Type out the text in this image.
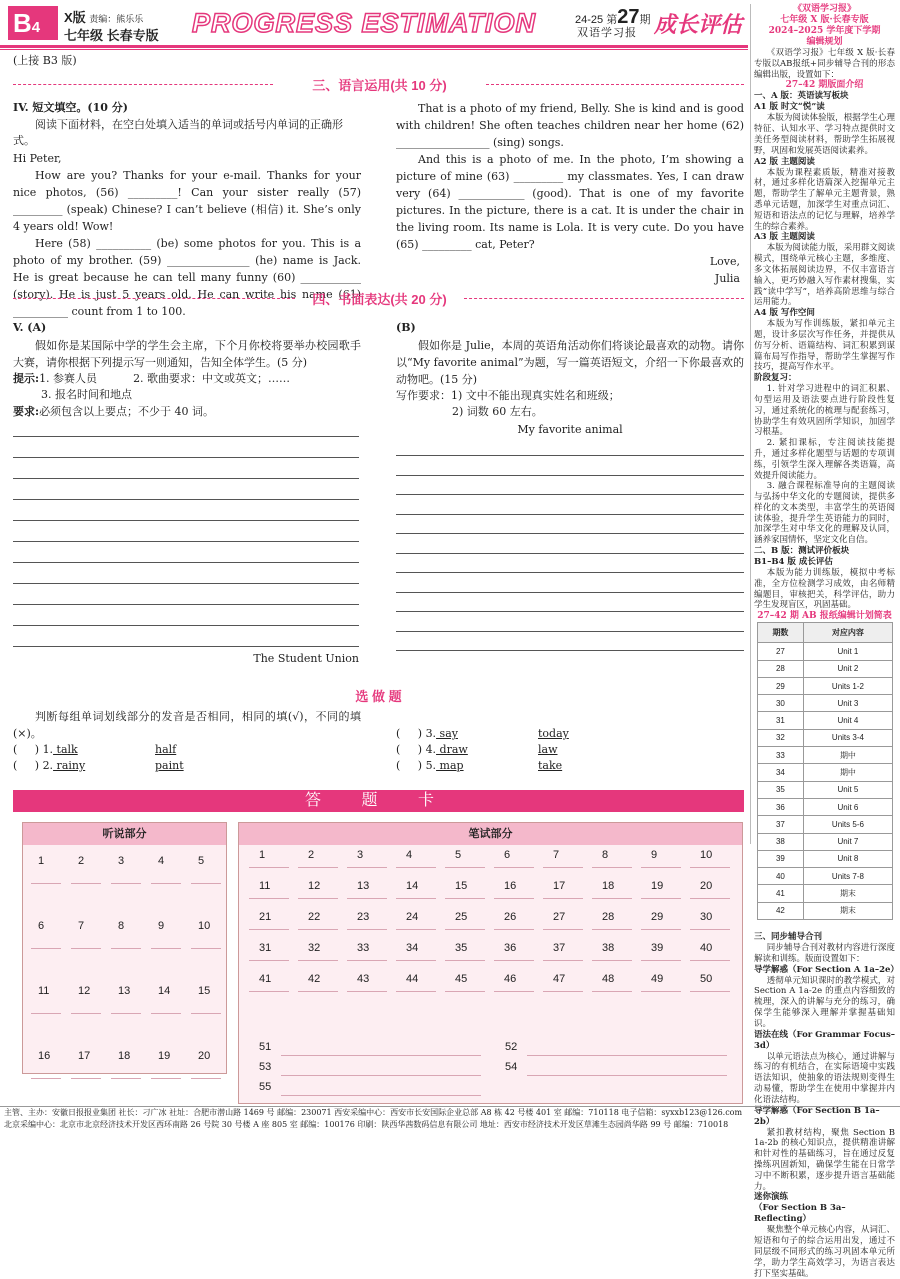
B4
X版 责编：熊乐乐
七年级 长春专版 PROGRESS ESTIMATION	24-25 第27期
双语学习报 成长评估
(上接 B3 版)
三、语言运用(共 10 分)
IV. 短文填空。(10 分)
阅读下面材料，在空白处填入适当的单词或括号内单词的正确形式。
Hi Peter,
How are you? Thanks for your e-mail. Thanks for your nice photos, (56) _________! Can your sister really (57) _________ (speak) Chinese? I can’t believe (相信) it. She’s only 4 years old! Wow!
Here (58) __________ (be) some photos for you. This is a photo of my brother. (59) _______________ (he) name is Jack. He is great because he can tell many funny (60) ___________ (story). He is just 5 years old. He can write his name (61) __________ count from 1 to 100.
That is a photo of my friend, Belly. She is kind and is good with children! She often teaches children near her home (62) _________________ (sing) songs.
And this is a photo of me. In the photo, I’m showing a picture of mine (63) _________ my classmates. Yes, I can draw very (64) ____________ (good). That is one of my favorite pictures. In the picture, there is a cat. It is under the chair in the living room. Its name is Lola. It is very cute. Do you have (65) _________ cat, Peter?
Love,
Julia
四、书面表达(共 20 分)
V. (A)
假如你是某国际中学的学生会主席，下个月你校将要举办校园歌手大赛，请你根据下列提示写一则通知，告知全体学生。(5 分)
提示:1. 参赛人员	2. 歌曲要求：中文或英文；……
3. 报名时间和地点
要求:必须包含以上要点；不少于 40 词。
The Student Union
(B)
假如你是 Julie，本周的英语角活动你们将谈论最喜欢的动物。请你以“My favorite animal”为题，写一篇英语短文，介绍一下你最喜欢的动物吧。(15 分)
写作要求：1) 文中不能出现真实姓名和班级；
2) 词数 60 左右。
My favorite animal
选 做 题
判断每组单词划线部分的发音是否相同，相同的填(√)，不同的填(×)。
(     ) 1. talk	half
(     ) 2. rainy	paint
(     ) 3. say	today
(     ) 4. draw	law
(     ) 5. map	take
答 题 卡
听说部分
1	2	3	4	5
6	7	8	9	10
11	12	13	14	15
16	17	18	19	20
笔试部分
1	2	3	4	5	6	7	8	9	10
11	12	13	14	15	16	17	18	19	20
21	22	23	24	25	26	27	28	29	30
31	32	33	34	35	36	37	38	39	40
41	42	43	44	45	46	47	48	49	50
51	52
53	54
55
《双语学习报》
七年级 X 版·长春专版
2024–2025 学年度下学期
编辑规划
《双语学习报》七年级 X 版·长春专版以AB报纸+同步辅导合刊的形态编辑出版，设置如下：
27–42 期版面介绍
一、A 版：英语读写板块
A1 版 时文“悦”读
本版为阅读体验版，根据学生心理特征、认知水平、学习特点提供时文美任务型阅读材料，帮助学生拓展视野，巩固和发展英语阅读素养。
A2 版 主题阅读
本版为课程素质版，精准对接教材，通过多样化语篇深入挖掘单元主题，帮助学生了解单元主题背景，熟悉单元话题，加深学生对重点词汇、短语和语法点的记忆与理解，培养学生的综合素养。
A3 版 主题阅读
本版为阅读能力版，采用群文阅读模式，围绕单元核心主题，多维度、多文体拓展阅读边界，不仅丰富语言输入，更巧妙融入写作素材搜集，实践“读中学写”，培养高阶思维与综合运用能力。
A4 版 写作空间
本版为写作训练版，紧扣单元主题，设计多层次写作任务，并提供从仿写分析、语篇结构、词汇积累到谋篇布局写作指导，帮助学生掌握写作技巧，提高写作水平。
阶段复习：
1. 针对学习进程中的词汇积累、句型运用及语法要点进行阶段性复习，通过系统化的梳理与配套练习，协助学生有效巩固所学知识，加固学习根基。
2. 紧扣课标，专注阅读技能提升，通过多样化题型与话题的专项训练，引领学生深入理解各类语篇，高效提升阅读能力。
3. 融合课程标准导向的主题阅读与弘扬中华文化的专题阅读，提供多样化的文本类型，丰富学生的英语阅读体验，提升学生英语能力的同时，加深学生对中华文化的理解及认同，涵养家国情怀，坚定文化自信。
二、B 版：测试评价板块
B1–B4 版 成长评估
本版为能力训练版，模拟中考标准，全方位检测学习成效，由名师精编题目，审核把关，科学评估，助力学生发现盲区，巩固基础。
27–42 期 AB 报纸编辑计划简表
期数	对应内容
27	Unit 1
28	Unit 2
29	Units 1-2
30	Unit 3
31	Unit 4
32	Units 3-4
33	期中
34	期中
35	Unit 5
36	Unit 6
37	Units 5-6
38	Unit 7
39	Unit 8
40	Units 7-8
41	期末
42	期末
三、同步辅导合刊
同步辅导合刊对教材内容进行深度解读和训练。版面设置如下：
导学解惑（For Section A 1a–2e）
透彻单元知识课时的教学模式，对 Section A 1a-2e 的重点内容细致的梳理，深入的讲解与充分的练习，确保学生能够深入理解并掌握基础知识。
语法在线（For Grammar Focus–3d）
以单元语法点为核心，通过讲解与练习的有机结合，在实际语境中实践语法知识，使抽象的语法规则变得生动易懂，帮助学生在使用中掌握并内化语法结构。
导学解惑（For Section B 1a–2b）
紧扣教材结构，聚焦 Section B 1a-2b 的核心知识点，提供精准讲解和针对性的基础练习，旨在通过反复操练巩固新知，确保学生能在日常学习中不断积累，逐步提升语言基础能力。
迷你演练
（For Section B 3a–Reflecting）
聚焦整个单元核心内容，从词汇、短语和句子的综合运用出发，通过不同层级不同形式的练习巩固本单元所学，助力学生高效学习，为语言表达打下坚实基础。
主管、主办：安徽日报报业集团 社长：刁广冰 社址：合肥市潜山路 1469 号 邮编：230071 西安采编中心：西安市长安国际企业总部 A8 栋 42 号楼 401 室 邮编：710118 电子信箱：syxxb123@126.com
北京采编中心：北京市北京经济技术开发区西环南路 26 号院 30 号楼 A 座 805 室 邮编：100176 印刷：陕西华茜数码信息有限公司 地址：西安市经济技术开发区草滩生态园尚华路 99 号 邮编：710018
